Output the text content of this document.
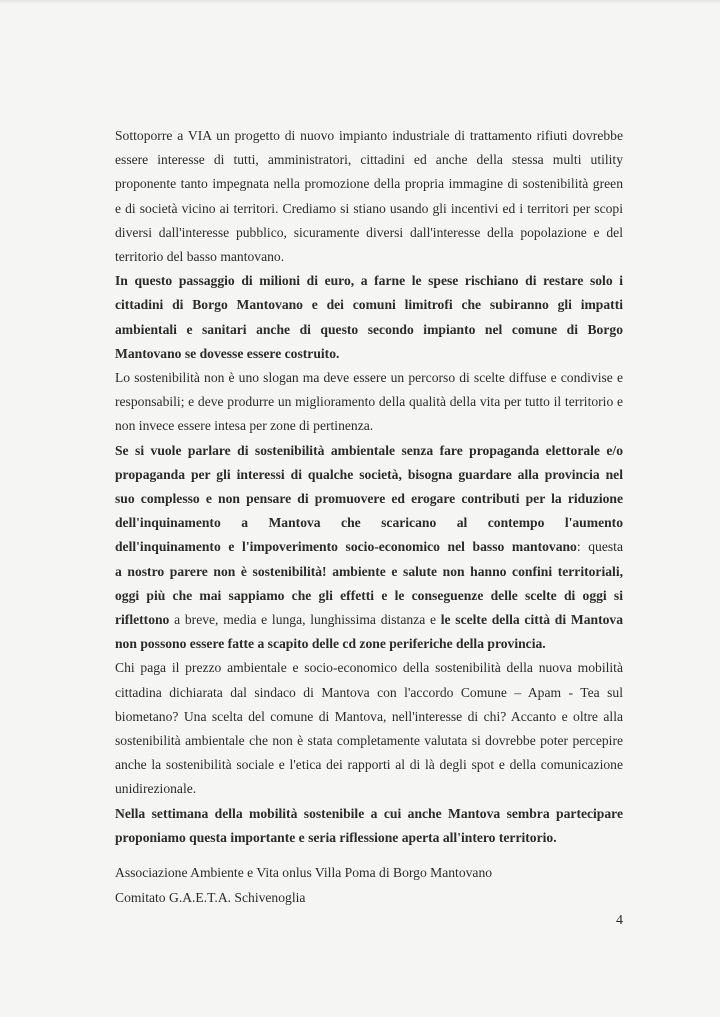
Sottoporre a VIA un progetto di nuovo impianto industriale di trattamento rifiuti dovrebbe
essere interesse di tutti, amministratori, cittadini ed anche della stessa multi utility
proponente tanto impegnata nella promozione della propria immagine di sostenibilità green
e di società vicino ai territori. Crediamo si stiano usando gli incentivi ed i territori per scopi
diversi dall'interesse pubblico, sicuramente diversi dall'interesse della popolazione e del
territorio del basso mantovano.

In questo passaggio di milioni di euro, a farne le spese rischiano di restare solo i
cittadini di Borgo Mantovano e dei comuni limitrofi che subiranno gli impatti
ambientali e sanitari anche di questo secondo impianto nel comune di Borgo
Mantovano se dovesse essere costruito.

Lo sostenibilità non è uno slogan ma deve essere un percorso di scelte diffuse e condivise e
responsabili; e deve produrre un miglioramento della qualità della vita per tutto il territorio e
non invece essere intesa per zone di pertinenza.

Se si vuole parlare di sostenibilità ambientale senza fare propaganda elettorale e/o
propaganda per gli interessi di qualche società, bisogna guardare alla provincia nel
suo complesso e non pensare di promuovere ed erogare contributi per la riduzione
dell'inquinamento a Mantova che scaricano al contempo l'aumento
dell'inquinamento e l'impoverimento socio-economico nel basso mantovano: questa
a nostro parere non è sostenibilità! ambiente e salute non hanno confini territoriali,
oggi più che mai sappiamo che gli effetti e le conseguenze delle scelte di oggi si
riflettono a breve, media e lunga, lunghissima distanza e le scelte della città di Mantova
non possono essere fatte a scapito delle cd zone periferiche della provincia.

Chi paga il prezzo ambientale e socio-economico della sostenibilità della nuova mobilità
cittadina dichiarata dal sindaco di Mantova con l'accordo Comune – Apam - Tea sul
biometano? Una scelta del comune di Mantova, nell'interesse di chi? Accanto e oltre alla
sostenibilità ambientale che non è stata completamente valutata si dovrebbe poter percepire
anche la sostenibilità sociale e l'etica dei rapporti al di là degli spot e della comunicazione
unidirezionale.

Nella settimana della mobilità sostenibile a cui anche Mantova sembra partecipare
proponiamo questa importante e seria riflessione aperta all'intero territorio.

Associazione Ambiente e Vita onlus Villa Poma di Borgo Mantovano
Comitato G.A.E.T.A. Schivenoglia
4
